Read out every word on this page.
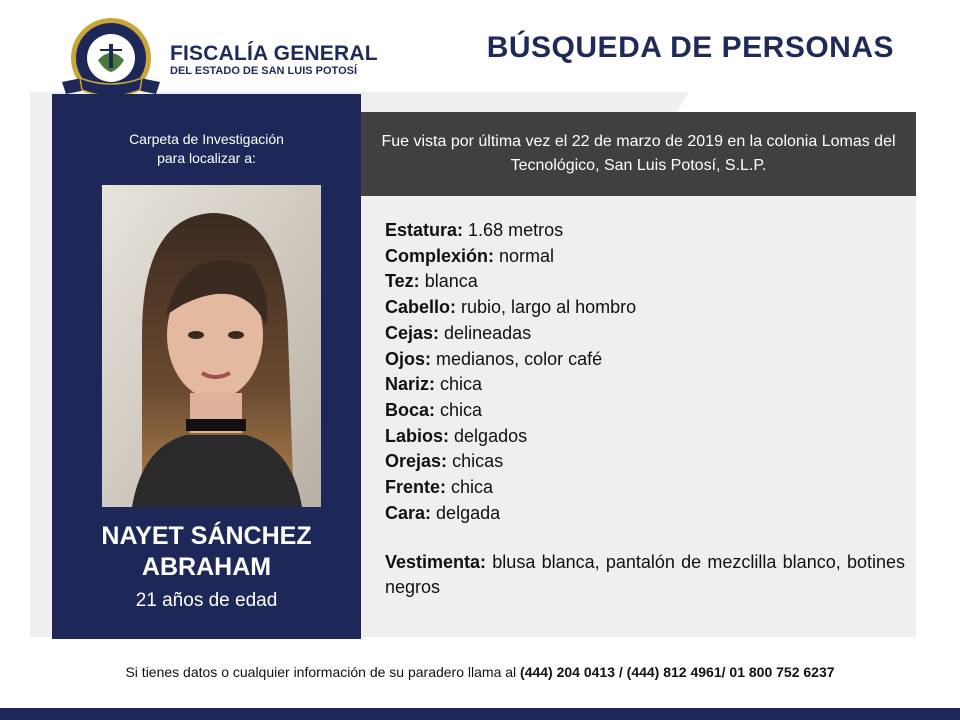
FISCALÍA GENERAL
DEL ESTADO DE SAN LUIS POTOSÍ
BÚSQUEDA DE PERSONAS
Carpeta de Investigación
para localizar a:
NAYET SÁNCHEZ
ABRAHAM
21 años de edad
Fue vista por última vez el 22 de marzo de 2019 en la colonia Lomas del Tecnológico, San Luis Potosí, S.L.P.
Estatura: 1.68 metros
Complexión: normal
Tez: blanca
Cabello: rubio, largo al hombro
Cejas: delineadas
Ojos: medianos, color café
Nariz: chica
Boca: chica
Labios: delgados
Orejas: chicas
Frente: chica
Cara: delgada
Vestimenta: blusa blanca, pantalón de mezclilla blanco, botines negros
Si tienes datos o cualquier información de su paradero llama al (444) 204 0413 / (444) 812 4961/ 01 800 752 6237
